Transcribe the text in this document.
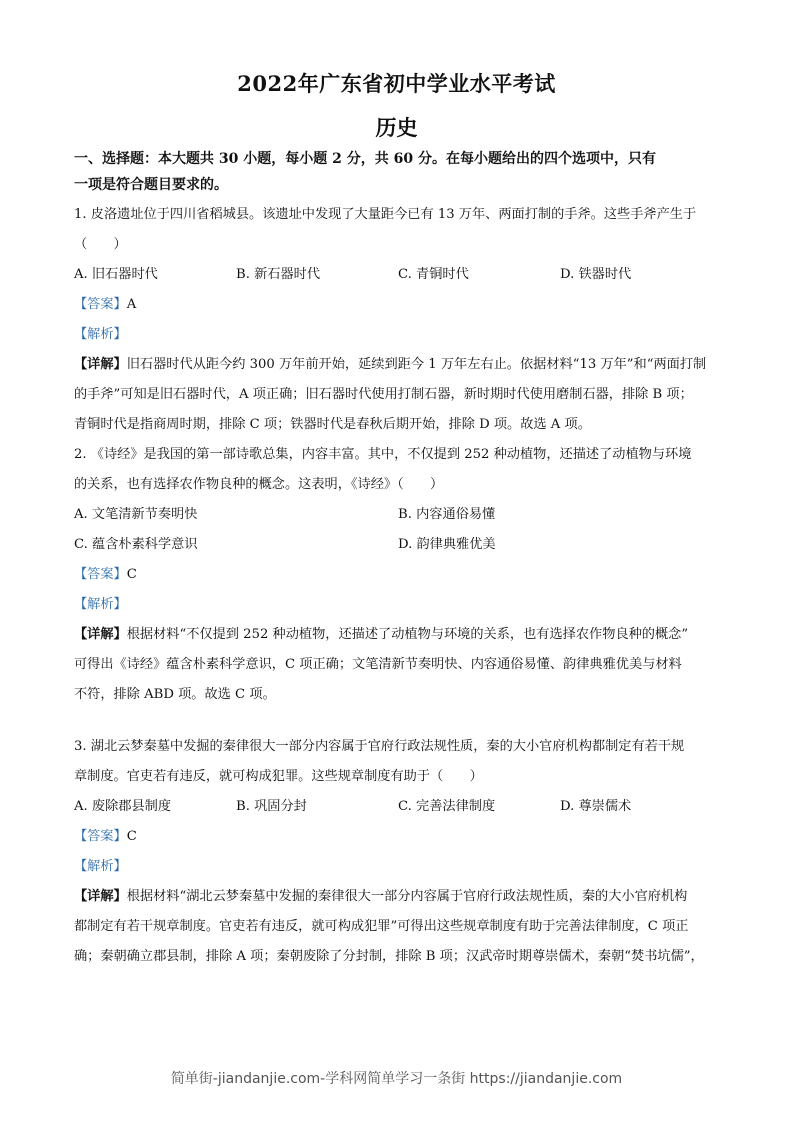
2022年广东省初中学业水平考试
历史
一、选择题：本大题共 30 小题，每小题 2 分，共 60 分。在每小题给出的四个选项中，只有
一项是符合题目要求的。
1. 皮洛遗址位于四川省稻城县。该遗址中发现了大量距今已有 13 万年、两面打制的手斧。这些手斧产生于
（　　）
A. 旧石器时代	B. 新石器时代	C. 青铜时代	D. 铁器时代
【答案】A
【解析】
【详解】旧石器时代从距今约 300 万年前开始，延续到距今 1 万年左右止。依据材料“13 万年”和“两面打制
的手斧”可知是旧石器时代，A 项正确；旧石器时代使用打制石器，新时期时代使用磨制石器，排除 B 项；
青铜时代是指商周时期，排除 C 项；铁器时代是春秋后期开始，排除 D 项。故选 A 项。
2. 《诗经》是我国的第一部诗歌总集，内容丰富。其中，不仅提到 252 种动植物，还描述了动植物与环境
的关系，也有选择农作物良种的概念。这表明，《诗经》（　　）
A. 文笔清新节奏明快	B. 内容通俗易懂
C. 蕴含朴素科学意识	D. 韵律典雅优美
【答案】C
【解析】
【详解】根据材料“不仅提到 252 种动植物，还描述了动植物与环境的关系，也有选择农作物良种的概念”
可得出《诗经》蕴含朴素科学意识，C 项正确；文笔清新节奏明快、内容通俗易懂、韵律典雅优美与材料
不符，排除 ABD 项。故选 C 项。
3. 湖北云梦秦墓中发掘的秦律很大一部分内容属于官府行政法规性质，秦的大小官府机构都制定有若干规
章制度。官吏若有违反，就可构成犯罪。这些规章制度有助于（　　）
A. 废除郡县制度	B. 巩固分封	C. 完善法律制度	D. 尊崇儒术
【答案】C
【解析】
【详解】根据材料“湖北云梦秦墓中发掘的秦律很大一部分内容属于官府行政法规性质，秦的大小官府机构
都制定有若干规章制度。官吏若有违反，就可构成犯罪”可得出这些规章制度有助于完善法律制度，C 项正
确；秦朝确立郡县制，排除 A 项；秦朝废除了分封制，排除 B 项；汉武帝时期尊崇儒术，秦朝“焚书坑儒”，
简单街-jiandanjie.com-学科网简单学习一条街 https://jiandanjie.com
